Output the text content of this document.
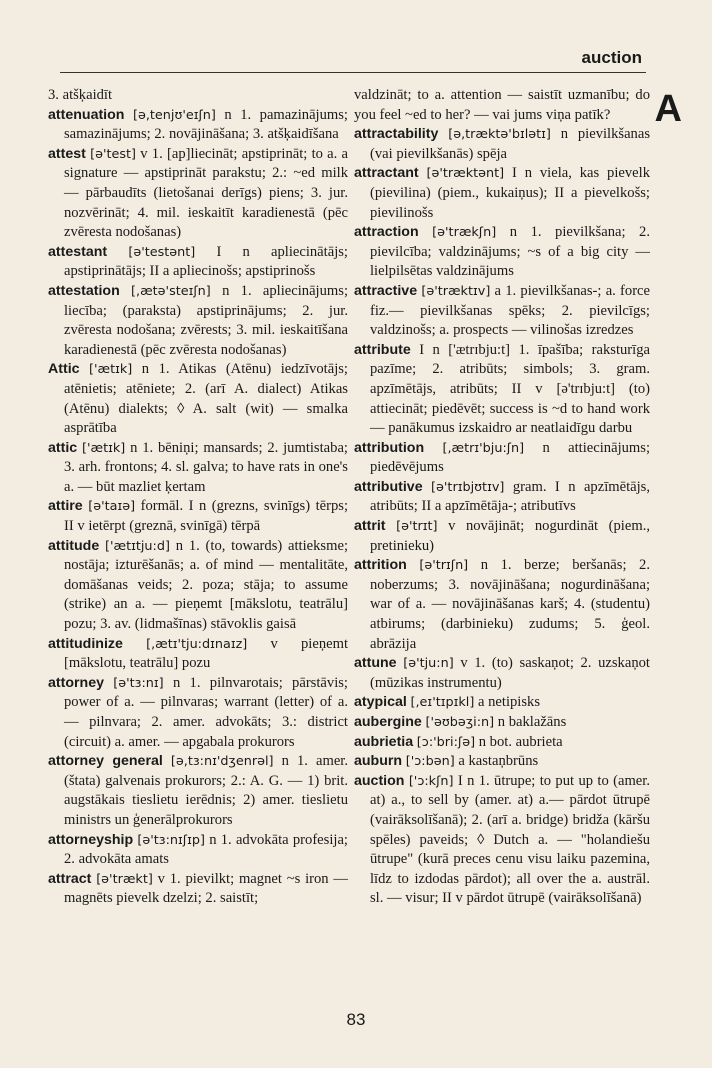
auction
A

3. atšķaidīt

attenuation [ə,tenjʊ'eɪʃn] n 1. pamazinājums; samazinājums; 2. novājināšana; 3. atšķaidīšana

attest [ə'test] v 1. [ap]liecināt; apstiprināt; to a. a signature — apstiprināt parakstu; 2.: ~ed milk — pārbaudīts (lietošanai derīgs) piens; 3. jur. nozvērināt; 4. mil. ieskaitīt karadienestā (pēc zvēresta nodošanas)

attestant [ə'testənt] I n apliecinātājs; apstiprinātājs; II a apliecinošs; apstiprinošs

attestation [,ætə'steɪʃn] n 1. apliecinājums; liecība; (paraksta) apstiprinājums; 2. jur. zvēresta nodošana; zvērests; 3. mil. ieskaitīšana karadienestā (pēc zvēresta nodošanas)

Attic ['ætɪk] n 1. Atikas (Atēnu) iedzīvotājs; atēnietis; atēniete; 2. (arī A. dialect) Atikas (Atēnu) dialekts; ◊ A. salt (wit) — smalka asprātība

attic ['ætɪk] n 1. bēniņi; mansards; 2. jumtistaba; 3. arh. frontons; 4. sl. galva; to have rats in one's a. — būt mazliet ķertam

attire [ə'taɪə] formāl. I n (grezns, svinīgs) tērps; II v ietērpt (greznā, svinīgā) tērpā

attitude ['ætɪtju:d] n 1. (to, towards) attieksme; nostāja; izturēšanās; a. of mind — mentalitāte, domāšanas veids; 2. poza; stāja; to assume (strike) an a. — pieņemt [mākslotu, teatrālu] pozu; 3. av. (lidmašīnas) stāvoklis gaisā

attitudinize [,ætɪ'tju:dɪnaɪz] v pieņemt [mākslotu, teatrālu] pozu

attorney [ə'tɜ:nɪ] n 1. pilnvarotais; pārstāvis; power of a. — pilnvaras; warrant (letter) of a. — pilnvara; 2. amer. advokāts; 3.: district (circuit) a. amer. — apgabala prokurors

attorney general [ə,tɜ:nɪ'dʒenrəl] n 1. amer. (štata) galvenais prokurors; 2.: A. G. — 1) brit. augstākais tieslietu ierēdnis; 2) amer. tieslietu ministrs un ģenerālprokurors

attorneyship [ə'tɜ:nɪʃɪp] n 1. advokāta profesija; 2. advokāta amats

attract [ə'trækt] v 1. pievilkt; magnet ~s iron — magnēts pievelk dzelzi; 2. saistīt;

valdzināt; to a. attention — saistīt uzmanību; do you feel ~ed to her? — vai jums viņa patīk?

attractability [ə,træktə'bɪlətɪ] n pievilkšanas (vai pievilkšanās) spēja

attractant [ə'træktənt] I n viela, kas pievelk (pievilina) (piem., kukaiņus); II a pievelkošs; pievilinošs

attraction [ə'trækʃn] n 1. pievilkšana; 2. pievilcība; valdzinājums; ~s of a big city — lielpilsētas valdzinājums

attractive [ə'træktɪv] a 1. pievilkšanas-; a. force fiz.— pievilkšanas spēks; 2. pievilcīgs; valdzinošs; a. prospects — vilinošas izredzes

attribute I n ['ætrɪbju:t] 1. īpašība; raksturīga pazīme; 2. atribūts; simbols; 3. gram. apzīmētājs, atribūts; II v [ə'trɪbju:t] (to) attiecināt; piedēvēt; success is ~d to hand work — panākumus izskaidro ar neatlaidīgu darbu

attribution [,ætrɪ'bju:ʃn] n attiecinājums; piedēvējums

attributive [ə'trɪbjʊtɪv] gram. I n apzīmētājs, atribūts; II a apzīmētāja-; atributīvs

attrit [ə'trɪt] v novājināt; nogurdināt (piem., pretinieku)

attrition [ə'trɪʃn] n 1. berze; beršanās; 2. noberzums; 3. novājināšana; nogurdināšana; war of a. — novājināšanas karš; 4. (studentu) atbirums; (darbinieku) zudums; 5. ģeol. abrāzija

attune [ə'tju:n] v 1. (to) saskaņot; 2. uzskaņot (mūzikas instrumentu)

atypical [,eɪ'tɪpɪkl] a netipisks

aubergine ['əʊbəʒi:n] n baklažāns

aubrietia [ɔ:'bri:ʃə] n bot. aubrieta

auburn ['ɔ:bən] a kastaņbrūns

auction ['ɔ:kʃn] I n 1. ūtrupe; to put up to (amer. at) a., to sell by (amer. at) a.— pārdot ūtrupē (vairāksolīšanā); 2. (arī a. bridge) bridža (kāršu spēles) paveids; ◊ Dutch a. — "holandiešu ūtrupe" (kurā preces cenu visu laiku pazemina, līdz to izdodas pārdot); all over the a. austrāl. sl. — visur; II v pārdot ūtrupē (vairāksolīšanā)

83
